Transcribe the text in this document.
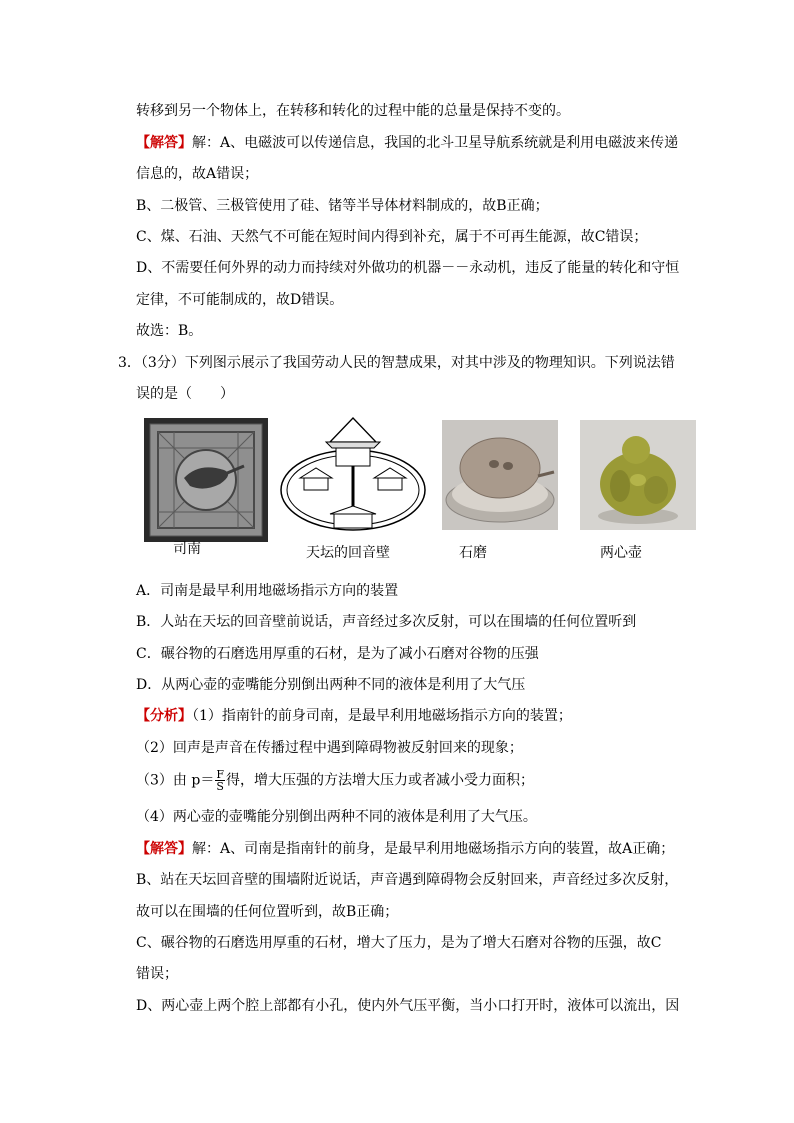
转移到另一个物体上，在转移和转化的过程中能的总量是保持不变的。
【解答】解：A、电磁波可以传递信息，我国的北斗卫星导航系统就是利用电磁波来传递
信息的，故A错误；
B、二极管、三极管使用了硅、锗等半导体材料制成的，故B正确；
C、煤、石油、天然气不可能在短时间内得到补充，属于不可再生能源，故C错误；
D、不需要任何外界的动力而持续对外做功的机器－－永动机，违反了能量的转化和守恒
定律，不可能制成的，故D错误。
故选：B。
3．（3分）下列图示展示了我国劳动人民的智慧成果，对其中涉及的物理知识。下列说法错
误的是（　　）
司南	天坛的回音壁	石磨	两心壶
A．司南是最早利用地磁场指示方向的装置
B．人站在天坛的回音壁前说话，声音经过多次反射，可以在围墙的任何位置听到
C．碾谷物的石磨选用厚重的石材，是为了减小石磨对谷物的压强
D．从两心壶的壶嘴能分别倒出两种不同的液体是利用了大气压
【分析】（1）指南针的前身司南，是最早利用地磁场指示方向的装置；
（2）回声是声音在传播过程中遇到障碍物被反射回来的现象；
（3）由 $p= \frac{F}{S}$ 得，增大压强的方法增大压力或者减小受力面积；
（4）两心壶的壶嘴能分别倒出两种不同的液体是利用了大气压。
【解答】解：A、司南是指南针的前身，是最早利用地磁场指示方向的装置，故A正确；
B、站在天坛回音壁的围墙附近说话，声音遇到障碍物会反射回来，声音经过多次反射，
故可以在围墙的任何位置听到，故B正确；
C、碾谷物的石磨选用厚重的石材，增大了压力，是为了增大石磨对谷物的压强，故C
错误；
D、两心壶上两个腔上部都有小孔，使内外气压平衡，当小口打开时，液体可以流出，因
